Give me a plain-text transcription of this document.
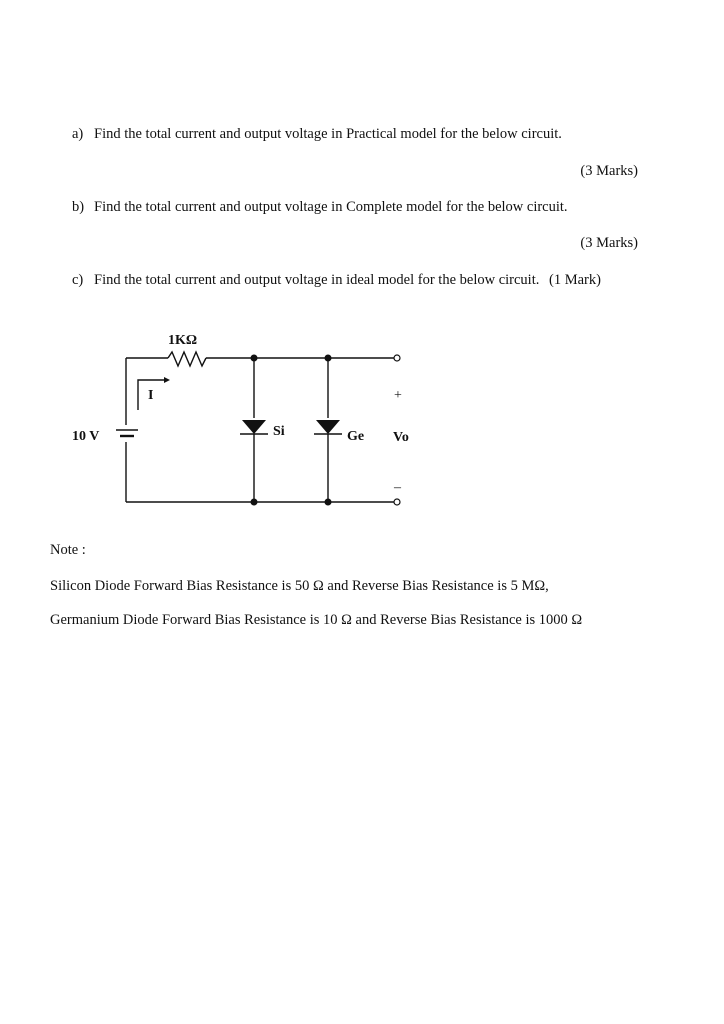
a) Find the total current and output voltage in Practical model for the below circuit.
(3 Marks)
b) Find the total current and output voltage in Complete model for the below circuit.
(3 Marks)
c) Find the total current and output voltage in ideal model for the below circuit. (1 Mark)
1KΩ
I
10 V	Si	Ge Vo
+
–
Note :
Silicon Diode Forward Bias Resistance is 50 Ω and Reverse Bias Resistance is 5 MΩ,
Germanium Diode Forward Bias Resistance is 10 Ω and Reverse Bias Resistance is 1000 Ω
